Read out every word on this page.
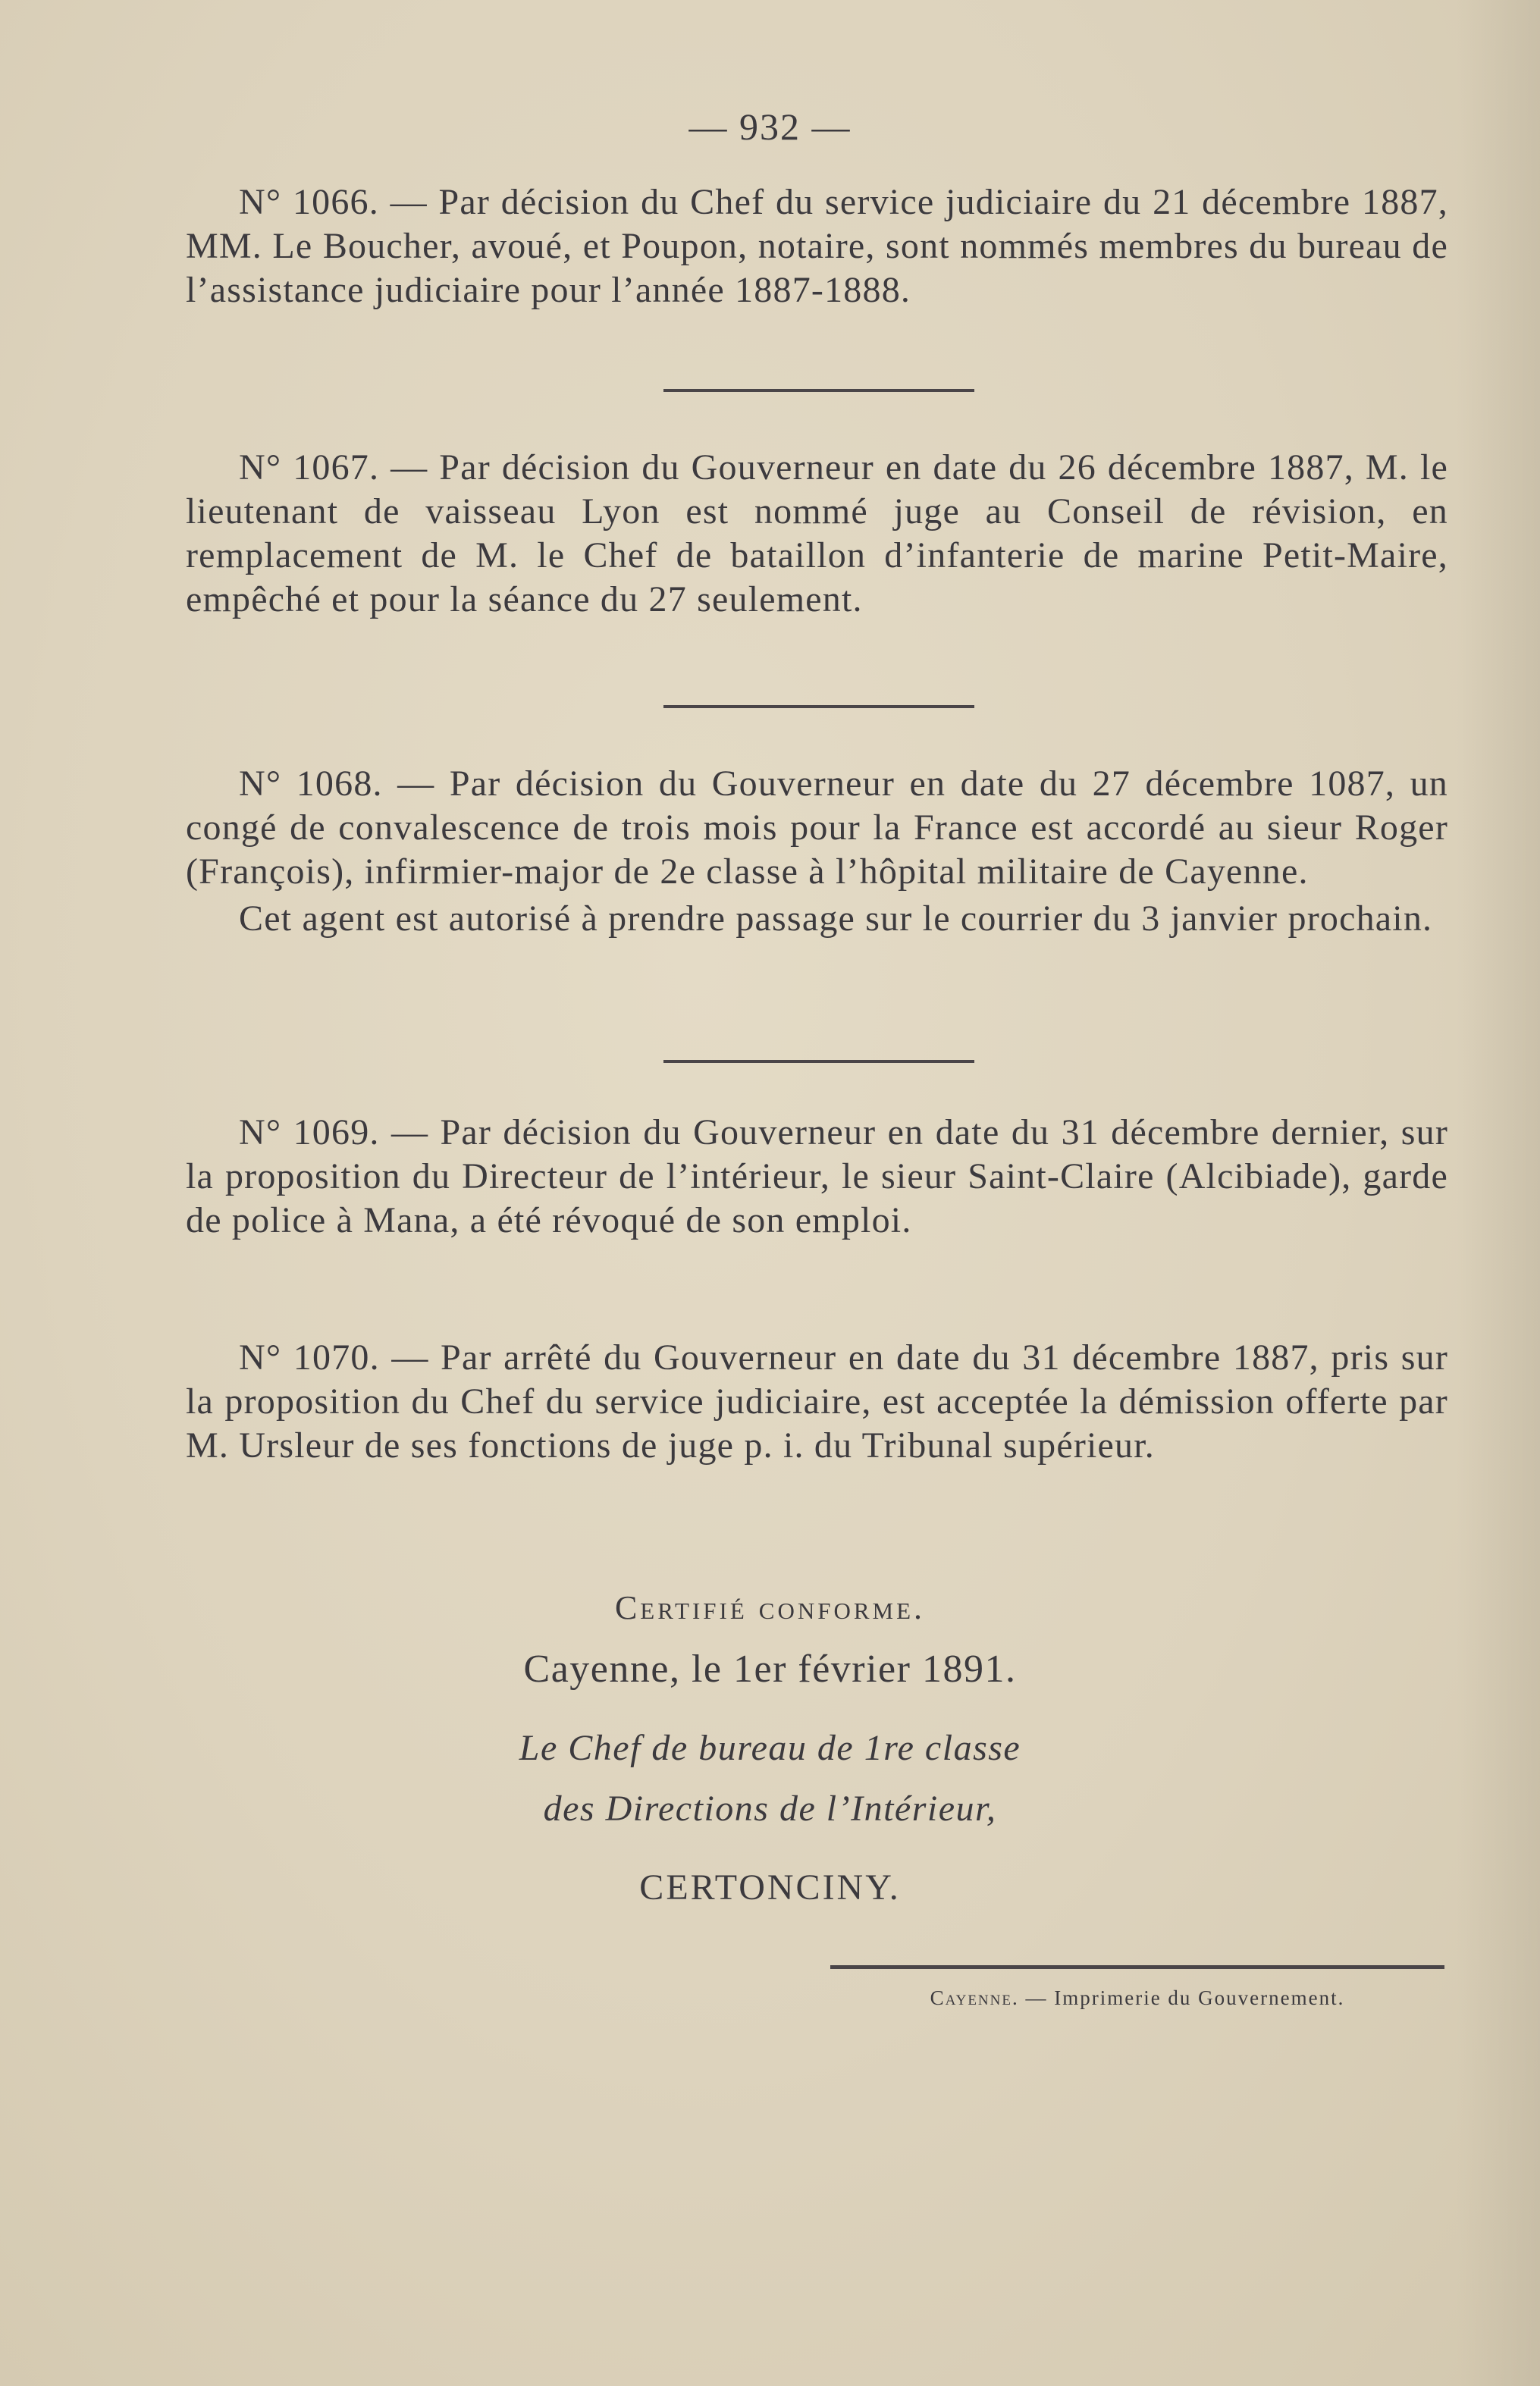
— 932 —

N° 1066. — Par décision du Chef du service judiciaire du 21 décembre 1887, MM. Le Boucher, avoué, et Poupon, notaire, sont nommés membres du bureau de l’assistance judiciaire pour l’année 1887-1888.

N° 1067. — Par décision du Gouverneur en date du 26 décembre 1887, M. le lieutenant de vaisseau Lyon est nommé juge au Conseil de révision, en remplacement de M. le Chef de bataillon d’infanterie de marine Petit-Maire, empêché et pour la séance du 27 seulement.

N° 1068. — Par décision du Gouverneur en date du 27 décembre 1087, un congé de convalescence de trois mois pour la France est accordé au sieur Roger (François), infirmier-major de 2e classe à l’hôpital militaire de Cayenne.

Cet agent est autorisé à prendre passage sur le courrier du 3 janvier prochain.

N° 1069. — Par décision du Gouverneur en date du 31 décembre dernier, sur la proposition du Directeur de l’intérieur, le sieur Saint-Claire (Alcibiade), garde de police à Mana, a été révoqué de son emploi.

N° 1070. — Par arrêté du Gouverneur en date du 31 décembre 1887, pris sur la proposition du Chef du service judiciaire, est acceptée la démission offerte par M. Ursleur de ses fonctions de juge p. i. du Tribunal supérieur.

Certifié conforme.
Cayenne, le 1er février 1891.
Le Chef de bureau de 1re classe
des Directions de l’Intérieur,
CERTONCINY.
Cayenne. — Imprimerie du Gouvernement.
